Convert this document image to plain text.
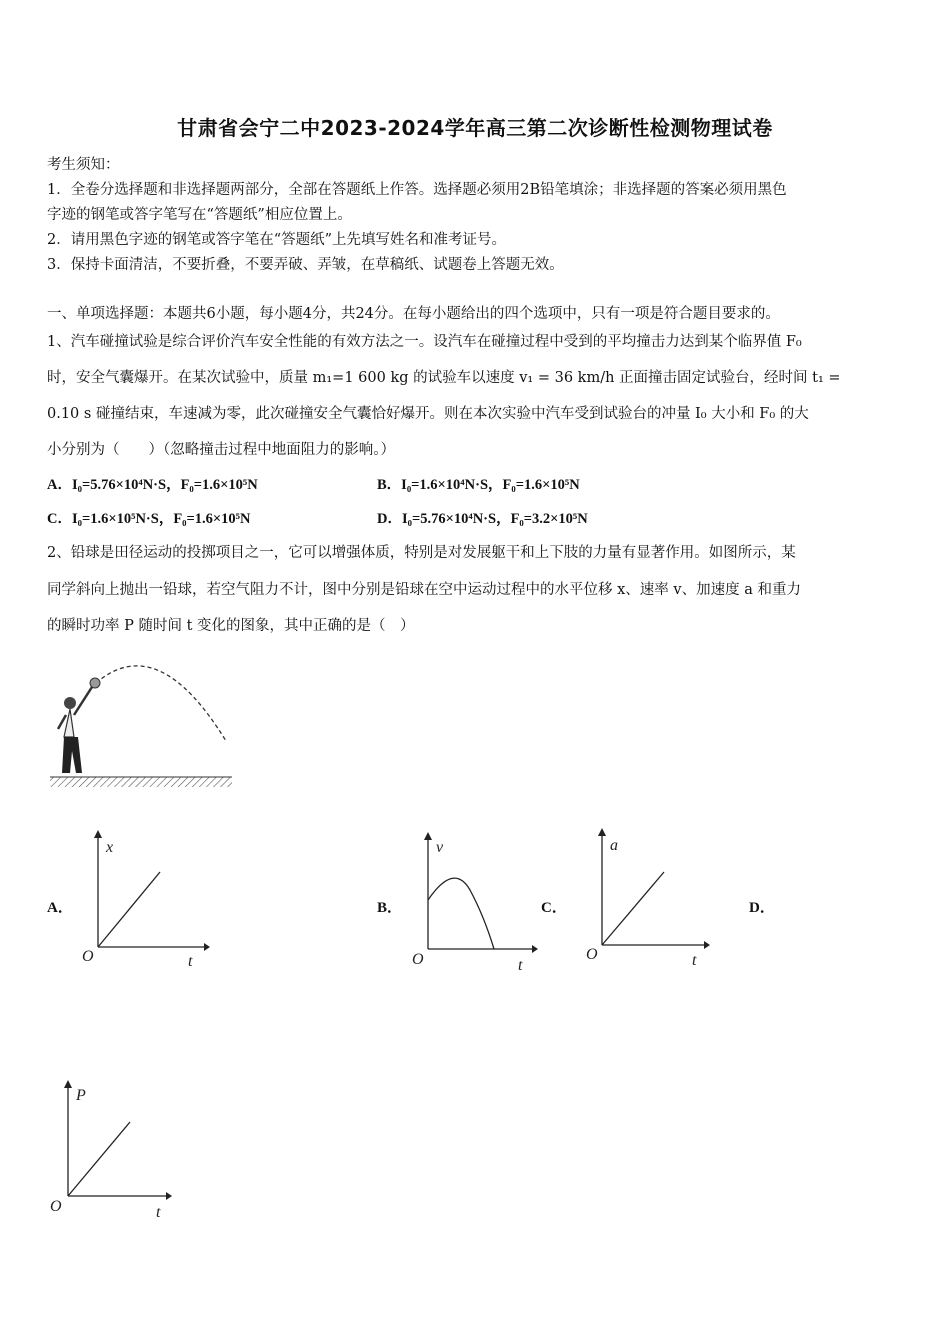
甘肃省会宁二中2023-2024学年高三第二次诊断性检测物理试卷
考生须知：
1．全卷分选择题和非选择题两部分，全部在答题纸上作答。选择题必须用2B铅笔填涂；非选择题的答案必须用黑色
字迹的钢笔或答字笔写在“答题纸”相应位置上。
2．请用黑色字迹的钢笔或答字笔在“答题纸”上先填写姓名和准考证号。
3．保持卡面清洁，不要折叠，不要弄破、弄皱，在草稿纸、试题卷上答题无效。
一、单项选择题：本题共6小题，每小题4分，共24分。在每小题给出的四个选项中，只有一项是符合题目要求的。
1、汽车碰撞试验是综合评价汽车安全性能的有效方法之一。设汽车在碰撞过程中受到的平均撞击力达到某个临界值 F₀
时，安全气囊爆开。在某次试验中，质量 m₁=1 600 kg 的试验车以速度 v₁ = 36 km/h 正面撞击固定试验台，经时间 t₁ =
0.10 s 碰撞结束，车速减为零，此次碰撞安全气囊恰好爆开。则在本次实验中汽车受到试验台的冲量 I₀ 大小和 F₀ 的大
小分别为（　　）（忽略撞击过程中地面阻力的影响。）
A．I₀=5.76×10⁴N·S，F₀=1.6×10⁵N	B．I₀=1.6×10⁴N·S，F₀=1.6×10⁵N
C．I₀=1.6×10⁵N·S，F₀=1.6×10⁵N	D．I₀=5.76×10⁴N·S，F₀=3.2×10⁵N
2、铅球是田径运动的投掷项目之一，它可以增强体质，特别是对发展躯干和上下肢的力量有显著作用。如图所示，某
同学斜向上抛出一铅球，若空气阻力不计，图中分别是铅球在空中运动过程中的水平位移 x、速率 v、加速度 a 和重力
的瞬时功率 P 随时间 t 变化的图象，其中正确的是（　）
A．	B．	C．	D．
x
t
O
v
t
O
a
t
O
P
t
O
